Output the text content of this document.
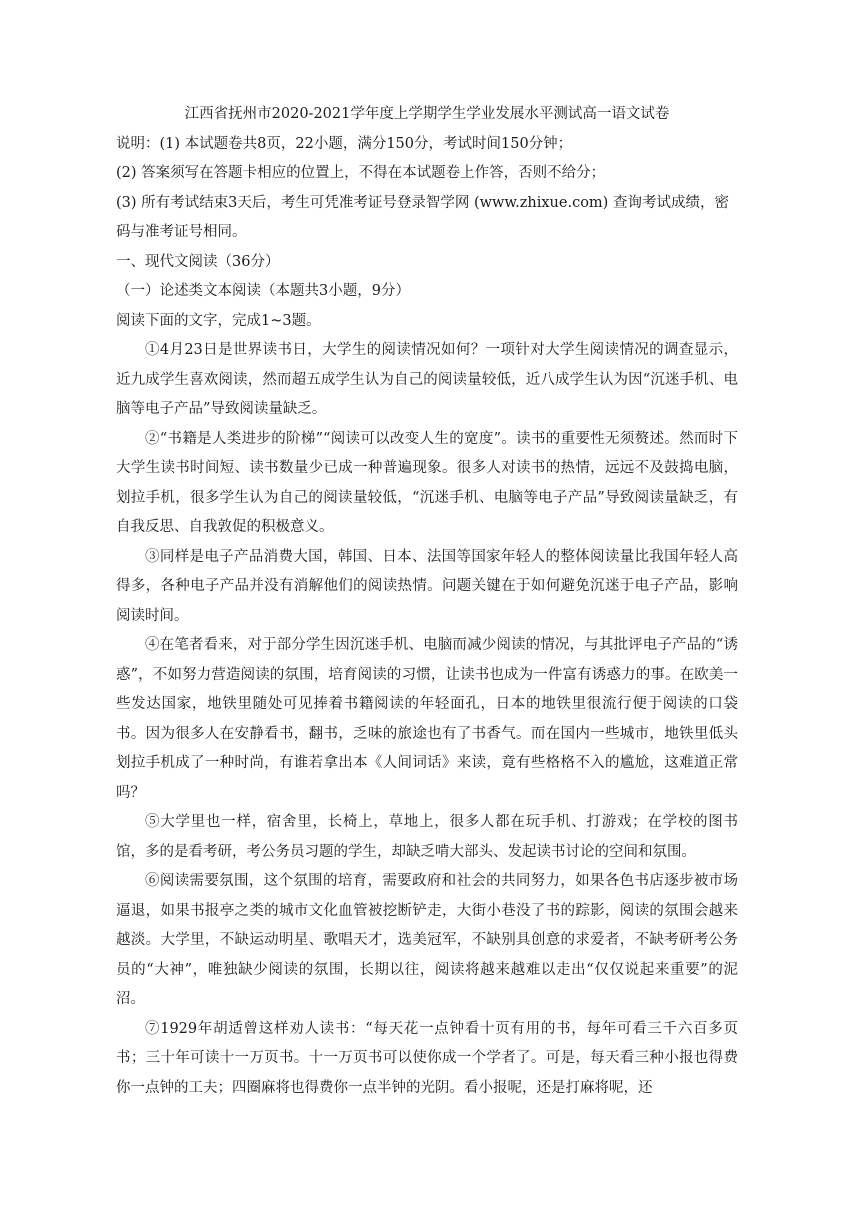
江西省抚州市2020-2021学年度上学期学生学业发展水平测试高一语文试卷

说明：(1) 本试题卷共8页，22小题，满分150分，考试时间150分钟；

(2) 答案须写在答题卡相应的位置上，不得在本试题卷上作答，否则不给分；

(3) 所有考试结束3天后，考生可凭准考证号登录智学网 (www.zhixue.com) 查询考试成绩，密码与准考证号相同。

一、现代文阅读（36分）

（一）论述类文本阅读（本题共3小题，9分）

阅读下面的文字，完成1~3题。

①4月23日是世界读书日，大学生的阅读情况如何？一项针对大学生阅读情况的调查显示，近九成学生喜欢阅读，然而超五成学生认为自己的阅读量较低，近八成学生认为因“沉迷手机、电脑等电子产品”导致阅读量缺乏。

②“书籍是人类进步的阶梯”“阅读可以改变人生的宽度”。读书的重要性无须赘述。然而时下大学生读书时间短、读书数量少已成一种普遍现象。很多人对读书的热情，远远不及鼓捣电脑，划拉手机，很多学生认为自己的阅读量较低，“沉迷手机、电脑等电子产品”导致阅读量缺乏，有自我反思、自我敦促的积极意义。

③同样是电子产品消费大国，韩国、日本、法国等国家年轻人的整体阅读量比我国年轻人高得多，各种电子产品并没有消解他们的阅读热情。问题关键在于如何避免沉迷于电子产品，影响阅读时间。

④在笔者看来，对于部分学生因沉迷手机、电脑而减少阅读的情况，与其批评电子产品的“诱惑”，不如努力营造阅读的氛围，培育阅读的习惯，让读书也成为一件富有诱惑力的事。在欧美一些发达国家，地铁里随处可见捧着书籍阅读的年轻面孔，日本的地铁里很流行便于阅读的口袋书。因为很多人在安静看书，翻书，乏味的旅途也有了书香气。而在国内一些城市，地铁里低头划拉手机成了一种时尚，有谁若拿出本《人间词话》来读，竟有些格格不入的尴尬，这难道正常吗？

⑤大学里也一样，宿舍里，长椅上，草地上，很多人都在玩手机、打游戏；在学校的图书馆，多的是看考研，考公务员习题的学生，却缺乏啃大部头、发起读书讨论的空间和氛围。

⑥阅读需要氛围，这个氛围的培育，需要政府和社会的共同努力，如果各色书店逐步被市场逼退，如果书报亭之类的城市文化血管被挖断铲走，大街小巷没了书的踪影，阅读的氛围会越来越淡。大学里，不缺运动明星、歌唱天才，选美冠军，不缺别具创意的求爱者，不缺考研考公务员的“大神”，唯独缺少阅读的氛围，长期以往，阅读将越来越难以走出“仅仅说起来重要”的泥沼。

⑦1929年胡适曾这样劝人读书：“每天花一点钟看十页有用的书，每年可看三千六百多页书；三十年可读十一万页书。十一万页书可以使你成一个学者了。可是，每天看三种小报也得费你一点钟的工夫；四圈麻将也得费你一点半钟的光阴。看小报呢，还是打麻将呢，还
